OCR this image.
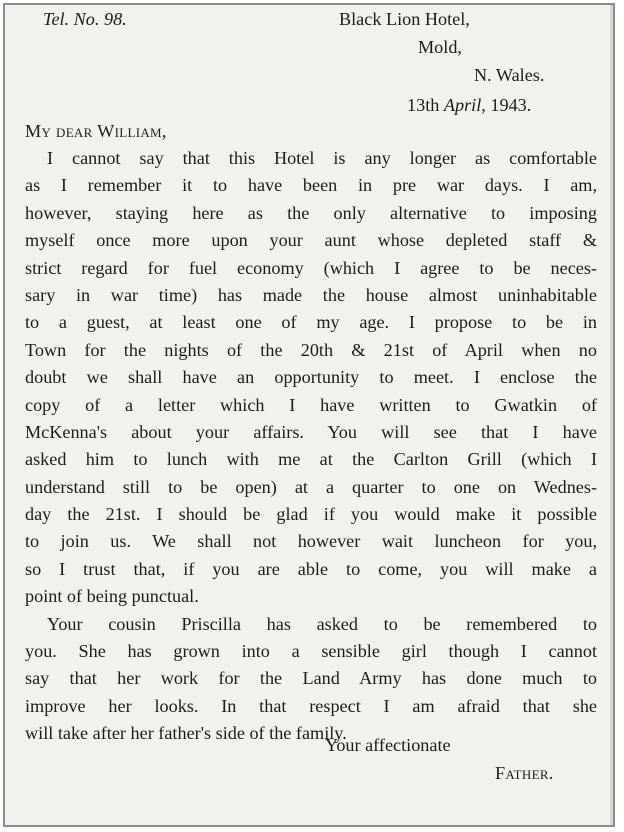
Tel. No. 98.	Black Lion Hotel,
Mold,
N. Wales.
13th April, 1943.
My dear William,
I cannot say that this Hotel is any longer as comfortable
as I remember it to have been in pre war days. I am,
however, staying here as the only alternative to imposing
myself once more upon your aunt whose depleted staff &
strict regard for fuel economy (which I agree to be neces-
sary in war time) has made the house almost uninhabitable
to a guest, at least one of my age. I propose to be in
Town for the nights of the 20th & 21st of April when no
doubt we shall have an opportunity to meet. I enclose the
copy of a letter which I have written to Gwatkin of
McKenna's about your affairs. You will see that I have
asked him to lunch with me at the Carlton Grill (which I
understand still to be open) at a quarter to one on Wednes-
day the 21st. I should be glad if you would make it possible
to join us. We shall not however wait luncheon for you,
so I trust that, if you are able to come, you will make a
point of being punctual.
Your cousin Priscilla has asked to be remembered to
you. She has grown into a sensible girl though I cannot
say that her work for the Land Army has done much to
improve her looks. In that respect I am afraid that she
will take after her father's side of the family.
Your affectionate
Father.
